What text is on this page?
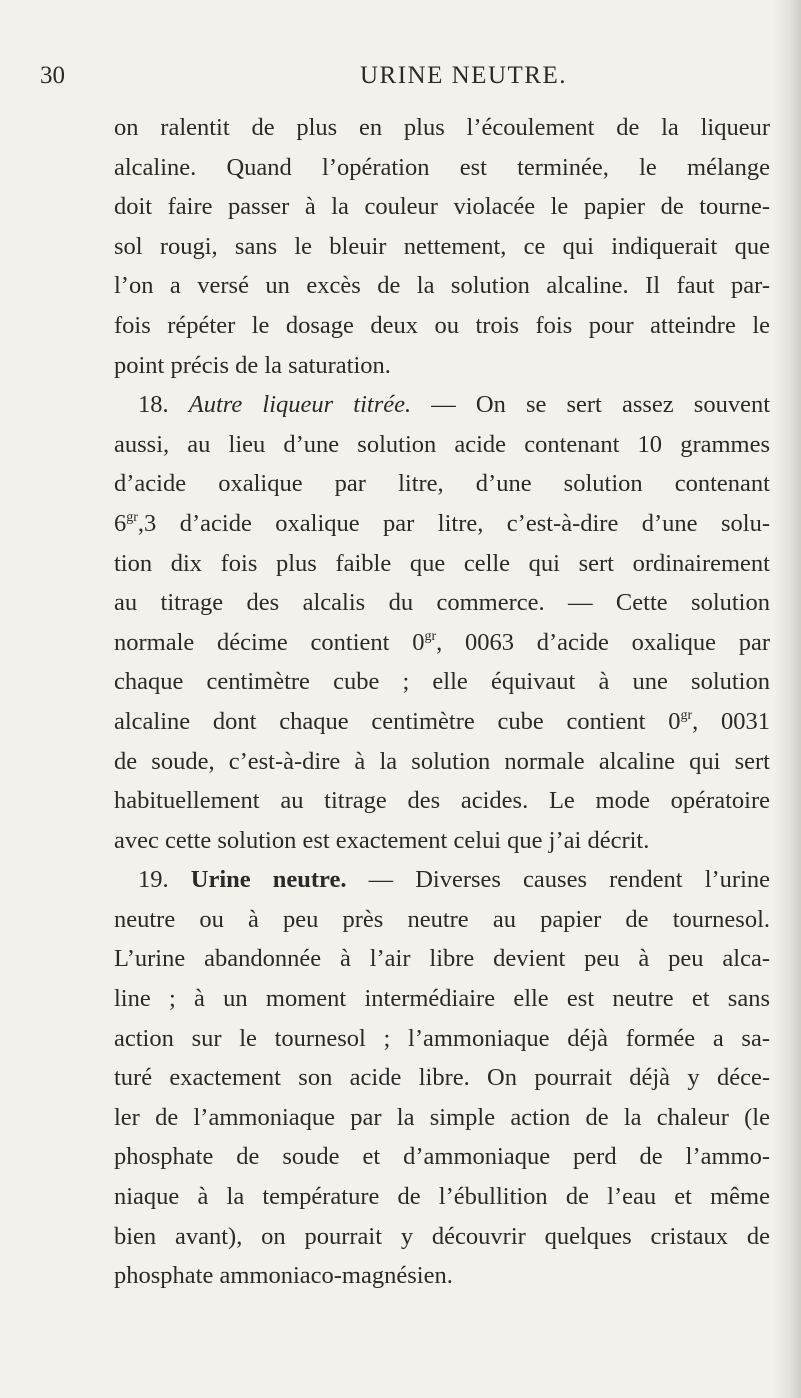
30	URINE NEUTRE.
on ralentit de plus en plus l’écoulement de la liqueur
alcaline. Quand l’opération est terminée, le mélange
doit faire passer à la couleur violacée le papier de tourne-
sol rougi, sans le bleuir nettement, ce qui indiquerait que
l’on a versé un excès de la solution alcaline. Il faut par-
fois répéter le dosage deux ou trois fois pour atteindre le
point précis de la saturation.
18. Autre liqueur titrée. — On se sert assez souvent
aussi, au lieu d’une solution acide contenant 10 grammes
d’acide oxalique par litre, d’une solution contenant
$6^{gr},3$ d’acide oxalique par litre, c’est-à-dire d’une solu-
tion dix fois plus faible que celle qui sert ordinairement
au titrage des alcalis du commerce. — Cette solution
normale décime contient $0^{gr}$, 0063 d’acide oxalique par
chaque centimètre cube ; elle équivaut à une solution
alcaline dont chaque centimètre cube contient $0^{gr}$, 0031
de soude, c’est-à-dire à la solution normale alcaline qui sert
habituellement au titrage des acides. Le mode opératoire
avec cette solution est exactement celui que j’ai décrit.
19. Urine neutre. — Diverses causes rendent l’urine
neutre ou à peu près neutre au papier de tournesol.
L’urine abandonnée à l’air libre devient peu à peu alca-
line ; à un moment intermédiaire elle est neutre et sans
action sur le tournesol ; l’ammoniaque déjà formée a sa-
turé exactement son acide libre. On pourrait déjà y déce-
ler de l’ammoniaque par la simple action de la chaleur (le
phosphate de soude et d’ammoniaque perd de l’ammo-
niaque à la température de l’ébullition de l’eau et même
bien avant), on pourrait y découvrir quelques cristaux de
phosphate ammoniaco-magnésien.
